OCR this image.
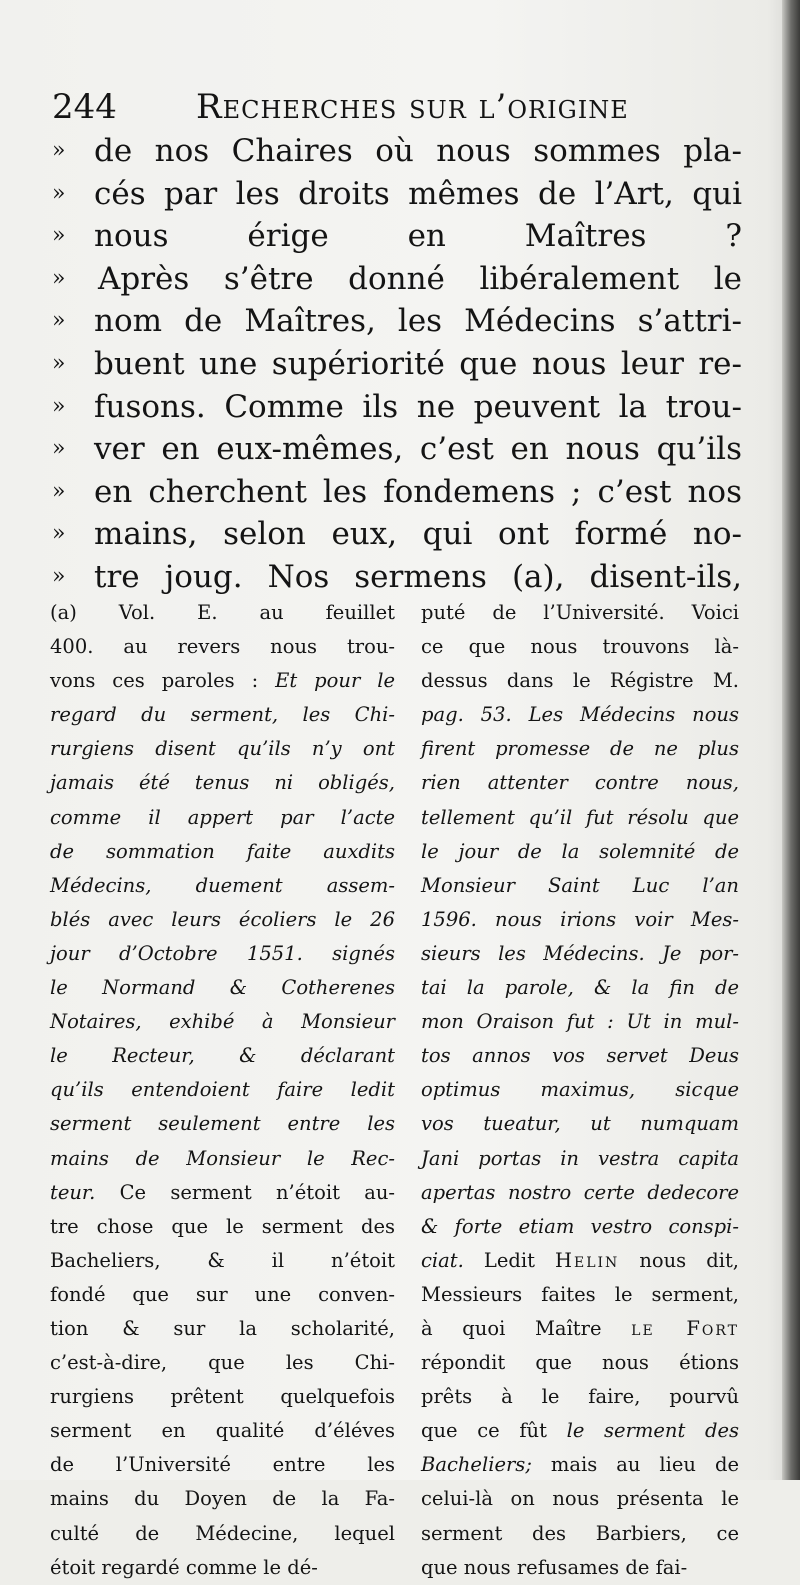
244 Recherches sur l’origine
» de nos Chaires où nous sommes pla-
» cés par les droits mêmes de l’Art, qui
» nous érige en Maîtres ?
»	Après s’être donné libéralement le
» nom de Maîtres, les Médecins s’attri-
» buent une supériorité que nous leur re-
» fusons. Comme ils ne peuvent la trou-
» ver en eux-mêmes, c’est en nous qu’ils
» en cherchent les fondemens ; c’est nos
» mains, selon eux, qui ont formé no-
» tre joug. Nos sermens (a), disent-ils,
(a) Vol. E. au feuillet
400. au revers nous trou-
vons ces paroles : Et pour le
regard du serment, les Chi-
rurgiens disent qu’ils n’y ont
jamais été tenus ni obligés,
comme il appert par l’acte
de sommation faite auxdits
Médecins, duement assem-
blés avec leurs écoliers le 26
jour d’Octobre 1551. signés
le Normand & Cotherenes
Notaires, exhibé à Monsieur
le Recteur, & déclarant
qu’ils entendoient faire ledit
serment seulement entre les
mains de Monsieur le Rec-
teur. Ce serment n’étoit au-
tre chose que le serment des
Bacheliers, & il n’étoit
fondé que sur une conven-
tion & sur la scholarité,
c’est-à-dire, que les Chi-
rurgiens prêtent quelquefois
serment en qualité d’éléves
de l’Université entre les
mains du Doyen de la Fa-
culté de Médecine, lequel
étoit regardé comme le dé-
puté de l’Université. Voici
ce que nous trouvons là-
dessus dans le Régistre M.
pag. 53. Les Médecins nous
firent promesse de ne plus
rien attenter contre nous,
tellement qu’il fut résolu que
le jour de la solemnité de
Monsieur Saint Luc l’an
1596. nous irions voir Mes-
sieurs les Médecins. Je por-
tai la parole, & la fin de
mon Oraison fut : Ut in mul-
tos annos vos servet Deus
optimus maximus, sicque
vos tueatur, ut numquam
Jani portas in vestra capita
apertas nostro certe dedecore
& forte etiam vestro conspi-
ciat. Ledit Helin nous dit,
Messieurs faites le serment,
à quoi Maître le Fort
répondit que nous étions
prêts à le faire, pourvû
que ce fût le serment des
Bacheliers; mais au lieu de
celui-là on nous présenta le
serment des Barbiers, ce
que nous refusames de fai-
